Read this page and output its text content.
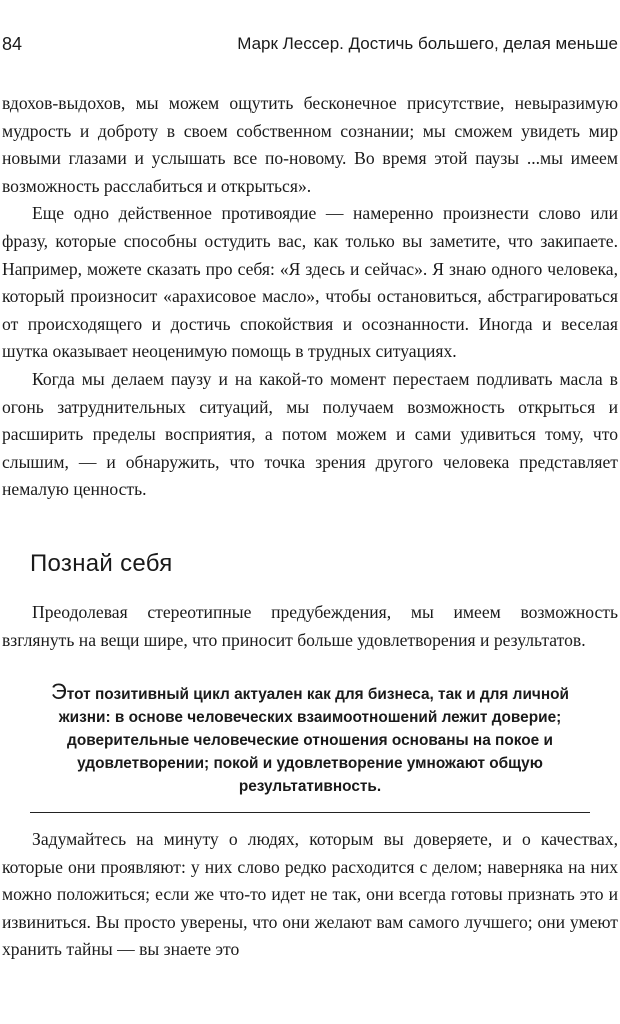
84	Марк Лессер. Достичь большего, делая меньше

вдохов-выдохов, мы можем ощутить бесконечное присутствие, невыразимую мудрость и доброту в своем собственном сознании; мы сможем увидеть мир новыми глазами и услышать все по-новому. Во время этой паузы ...мы имеем возможность расслабиться и открыться».

Еще одно действенное противоядие — намеренно произнести слово или фразу, которые способны остудить вас, как только вы заметите, что закипаете. Например, можете сказать про себя: «Я здесь и сейчас». Я знаю одного человека, который произносит «арахисовое масло», чтобы остановиться, абстрагироваться от происходящего и достичь спокойствия и осознанности. Иногда и веселая шутка оказывает неоценимую помощь в трудных ситуациях.

Когда мы делаем паузу и на какой-то момент перестаем подливать масла в огонь затруднительных ситуаций, мы получаем возможность открыться и расширить пределы восприятия, а потом можем и сами удивиться тому, что слышим, — и обнаружить, что точка зрения другого человека представляет немалую ценность.

Познай себя

Преодолевая стереотипные предубеждения, мы имеем возможность взглянуть на вещи шире, что приносит больше удовлетворения и результатов.

Этот позитивный цикл актуален как для бизнеса, так и для личной жизни: в основе человеческих взаимоотношений лежит доверие; доверительные человеческие отношения основаны на покое и удовлетворении; покой и удовлетворение умножают общую результативность.

Задумайтесь на минуту о людях, которым вы доверяете, и о качествах, которые они проявляют: у них слово редко расходится с делом; наверняка на них можно положиться; если же что-то идет не так, они всегда готовы признать это и извиниться. Вы просто уверены, что они желают вам самого лучшего; они умеют хранить тайны — вы знаете это
